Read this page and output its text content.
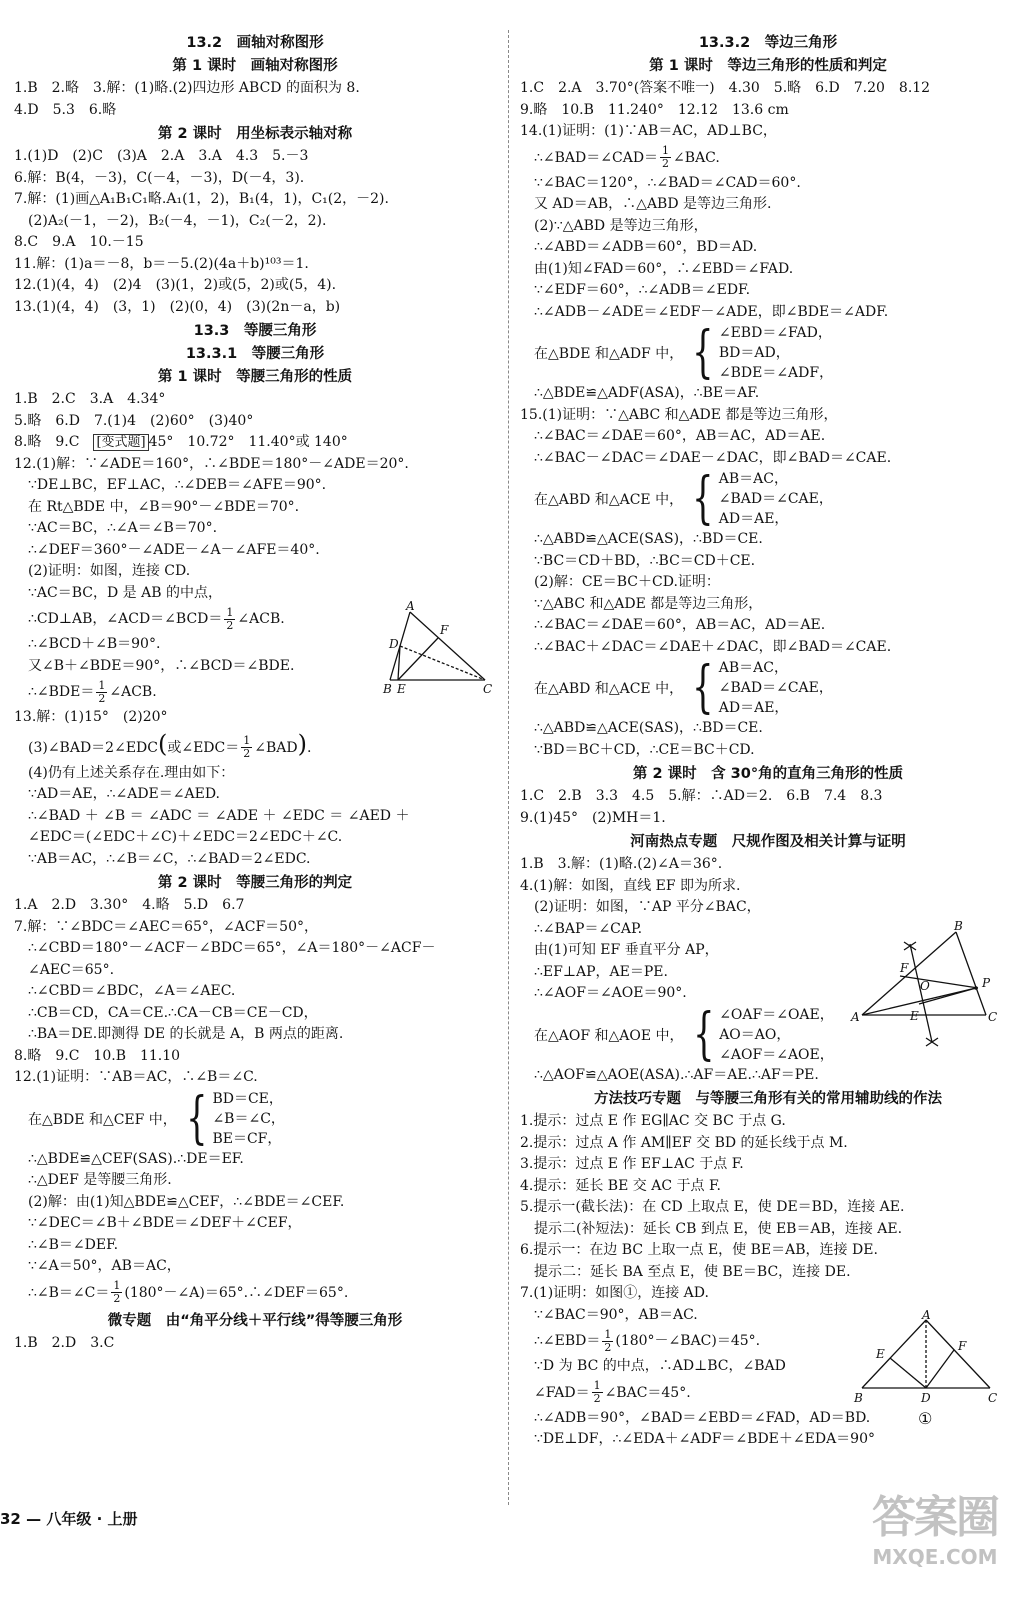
13.2　画轴对称图形
第 1 课时　画轴对称图形
1.B　2.略　3.解：(1)略.(2)四边形 ABCD 的面积为 8.
4.D　5.3　6.略
第 2 课时　用坐标表示轴对称
1.(1)D　(2)C　(3)A　2.A　3.A　4.3　5.－3
6.解：B(4，－3)，C(－4，－3)，D(－4，3).
7.解：(1)画△A₁B₁C₁略.A₁(1，2)，B₁(4，1)，C₁(2，－2).
(2)A₂(－1，－2)，B₂(－4，－1)，C₂(－2，2).
8.C　9.A　10.－15
11.解：(1)a＝－8，b＝－5.(2)(4a＋b)¹⁰³＝1.
12.(1)(4，4)　(2)4　(3)(1，2)或(5，2)或(5，4).
13.(1)(4，4)　(3，1)　(2)(0，4)　(3)(2n－a，b)
13.3　等腰三角形
13.3.1　等腰三角形
第 1 课时　等腰三角形的性质
1.B　2.C　3.A　4.34°
5.略　6.D　7.(1)4　(2)60°　(3)40°
8.略　9.C　[变式题] 45°　10.72°　11.40°或 140°
12.(1)解：∵∠ADE＝160°，∴∠BDE＝180°－∠ADE＝20°.
∵DE⊥BC，EF⊥AC，∴∠DEB＝∠AFE＝90°.
在 Rt△BDE 中，∠B＝90°－∠BDE＝70°.
∵AC＝BC，∴∠A＝∠B＝70°.
∴∠DEF＝360°－∠ADE－∠A－∠AFE＝40°.
(2)证明：如图，连接 CD.
∵AC＝BC，D 是 AB 的中点，
∴CD⊥AB，∠ACD＝∠BCD＝ $\frac{1}{2}$ ∠ACB.
∴∠BCD＋∠B＝90°.
又∠B＋∠BDE＝90°，∴∠BCD＝∠BDE.
∴∠BDE＝ $\frac{1}{2}$ ∠ACB.
13.解：(1)15°　(2)20°
(3)∠BAD＝2∠EDC(或∠EDC＝ $\frac{1}{2}$ ∠BAD).
(4)仍有上述关系存在.理由如下：
∵AD＝AE，∴∠ADE＝∠AED.
∴∠BAD ＋ ∠B ＝ ∠ADC ＝ ∠ADE ＋ ∠EDC ＝ ∠AED ＋
∠EDC＝(∠EDC＋∠C)＋∠EDC＝2∠EDC＋∠C.
∵AB＝AC，∴∠B＝∠C，∴∠BAD＝2∠EDC.
第 2 课时　等腰三角形的判定
1.A　2.D　3.30°　4.略　5.D　6.7
7.解：∵∠BDC＝∠AEC＝65°，∠ACF＝50°，
∴∠CBD＝180°－∠ACF－∠BDC＝65°，∠A＝180°－∠ACF－
∠AEC＝65°.
∴∠CBD＝∠BDC，∠A＝∠AEC.
∴CB＝CD，CA＝CE.∴CA－CB＝CE－CD，
∴BA＝DE.即测得 DE 的长就是 A，B 两点的距离.
8.略　9.C　10.B　11.10
12.(1)证明：∵AB＝AC，∴∠B＝∠C.
在△BDE 和△CEF 中， { BD＝CE，
∠B＝∠C，
BE＝CF，
∴△BDE≌△CEF(SAS).∴DE＝EF.
∴△DEF 是等腰三角形.
(2)解：由(1)知△BDE≌△CEF，∴∠BDE＝∠CEF.
∵∠DEC＝∠B＋∠BDE＝∠DEF＋∠CEF，
∴∠B＝∠DEF.
∵∠A＝50°，AB＝AC，
∴∠B＝∠C＝ $\frac{1}{2}$ (180°－∠A)＝65°.∴∠DEF＝65°.
微专题　由“角平分线＋平行线”得等腰三角形
1.B　2.D　3.C
A
D
F
B E	C
13.3.2　等边三角形
第 1 课时　等边三角形的性质和判定
1.C　2.A　3.70°(答案不唯一)　4.30　5.略　6.D　7.20　8.12
9.略　10.B　11.240°　12.12　13.6 cm
14.(1)证明：(1)∵AB＝AC，AD⊥BC，
∴∠BAD＝∠CAD＝ $\frac{1}{2}$ ∠BAC.
∵∠BAC＝120°，∴∠BAD＝∠CAD＝60°.
又 AD＝AB，∴△ABD 是等边三角形.
(2)∵△ABD 是等边三角形，
∴∠ABD＝∠ADB＝60°，BD＝AD.
由(1)知∠FAD＝60°，∴∠EBD＝∠FAD.
∵∠EDF＝60°，∴∠ADB＝∠EDF.
∴∠ADB－∠ADE＝∠EDF－∠ADE，即∠BDE＝∠ADF.
在△BDE 和△ADF 中， { ∠EBD＝∠FAD，
BD＝AD，
∠BDE＝∠ADF，
∴△BDE≌△ADF(ASA)，∴BE＝AF.
15.(1)证明：∵△ABC 和△ADE 都是等边三角形，
∴∠BAC＝∠DAE＝60°，AB＝AC，AD＝AE.
∴∠BAC－∠DAC＝∠DAE－∠DAC，即∠BAD＝∠CAE.
在△ABD 和△ACE 中， { AB＝AC，
∠BAD＝∠CAE，
AD＝AE，
∴△ABD≌△ACE(SAS)，∴BD＝CE.
∵BC＝CD＋BD，∴BC＝CD＋CE.
(2)解：CE＝BC＋CD.证明：
∵△ABC 和△ADE 都是等边三角形，
∴∠BAC＝∠DAE＝60°，AB＝AC，AD＝AE.
∴∠BAC＋∠DAC＝∠DAE＋∠DAC，即∠BAD＝∠CAE.
在△ABD 和△ACE 中， { AB＝AC，
∠BAD＝∠CAE，
AD＝AE，
∴△ABD≌△ACE(SAS)，∴BD＝CE.
∵BD＝BC＋CD，∴CE＝BC＋CD.
第 2 课时　含 30°角的直角三角形的性质
1.C　2.B　3.3　4.5　5.解：∴AD＝2.　6.B　7.4　8.3
9.(1)45°　(2)MH＝1.
河南热点专题　尺规作图及相关计算与证明
1.B　3.解：(1)略.(2)∠A＝36°.
4.(1)解：如图，直线 EF 即为所求.
(2)证明：如图，∵AP 平分∠BAC，
∴∠BAP＝∠CAP.
由(1)可知 EF 垂直平分 AP，
∴EF⊥AP，AE＝PE.
∴∠AOF＝∠AOE＝90°.
在△AOF 和△AOE 中， { ∠OAF＝∠OAE，
AO＝AO，
∠AOF＝∠AOE，
∴△AOF≌△AOE(ASA).∴AF＝AE.∴AF＝PE.
方法技巧专题　与等腰三角形有关的常用辅助线的作法
1.提示：过点 E 作 EG∥AC 交 BC 于点 G.
2.提示：过点 A 作 AM∥EF 交 BD 的延长线于点 M.
3.提示：过点 E 作 EF⊥AC 于点 F.
4.提示：延长 BE 交 AC 于点 F.
5.提示一(截长法)：在 CD 上取点 E，使 DE＝BD，连接 AE.
提示二(补短法)：延长 CB 到点 E，使 EB＝AB，连接 AE.
6.提示一：在边 BC 上取一点 E，使 BE＝AB，连接 DE.
提示二：延长 BA 至点 E，使 BE＝BC，连接 DE.
7.(1)证明：如图①，连接 AD.
∵∠BAC＝90°，AB＝AC.
∴∠EBD＝ $\frac{1}{2}$ (180°－∠BAC)＝45°.
∵D 为 BC 的中点，∴AD⊥BC，∠BAD
∠FAD＝ $\frac{1}{2}$ ∠BAC＝45°.
∴∠ADB＝90°，∠BAD＝∠EBD＝∠FAD，AD＝BD.
∵DE⊥DF，∴∠EDA＋∠ADF＝∠BDE＋∠EDA＝90°
B
F
O	P
A	E	C
A
E
F
B	D	C
①
32 — 八年级 · 上册	答案圈
MXQE.COM
